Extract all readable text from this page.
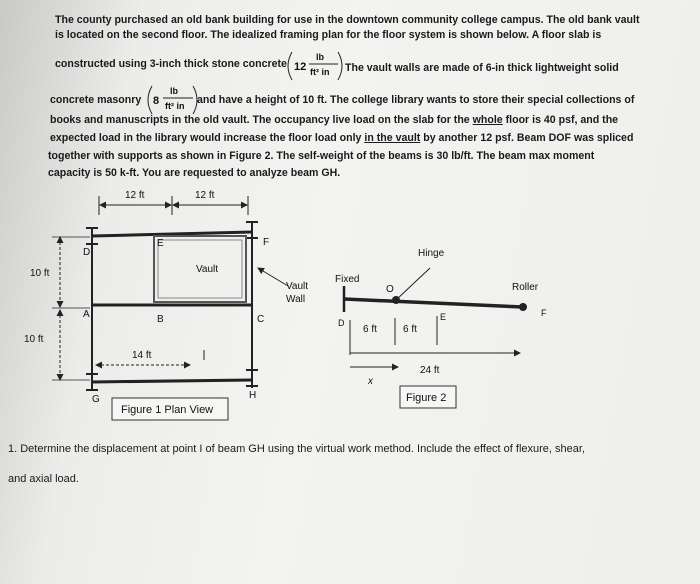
The county purchased an old bank building for use in the downtown community college campus. The old bank vault
is located on the second floor. The idealized framing plan for the floor system is shown below. A floor slab is
constructed using 3-inch thick stone concrete	The vault walls are made of 6-in thick lightweight solid
concrete masonry	and have a height of 10 ft. The college library wants to store their special collections of
books and manuscripts in the old vault. The occupancy live load on the slab for the whole floor is 40 psf, and the
expected load in the library would increase the floor load only in the vault by another 12 psf. Beam DOF was spliced
together with supports as shown in Figure 2. The self-weight of the beams is 30 lb/ft. The beam max moment
capacity is 50 k-ft. You are requested to analyze beam GH.
12
lb
ft² in
8
lb
ft² in
12 ft	12 ft
10 ft
10 ft
Vault
14 ft
D
E	F
A	B	C
G	H
Figure 1 Plan View
Vault
Wall
Fixed
Hinge
Roller
O
D
E	F
6 ft	6 ft
24 ft
x
Figure 2
1. Determine the displacement at point I of beam GH using the virtual work method. Include the effect of flexure, shear,
and axial load.
